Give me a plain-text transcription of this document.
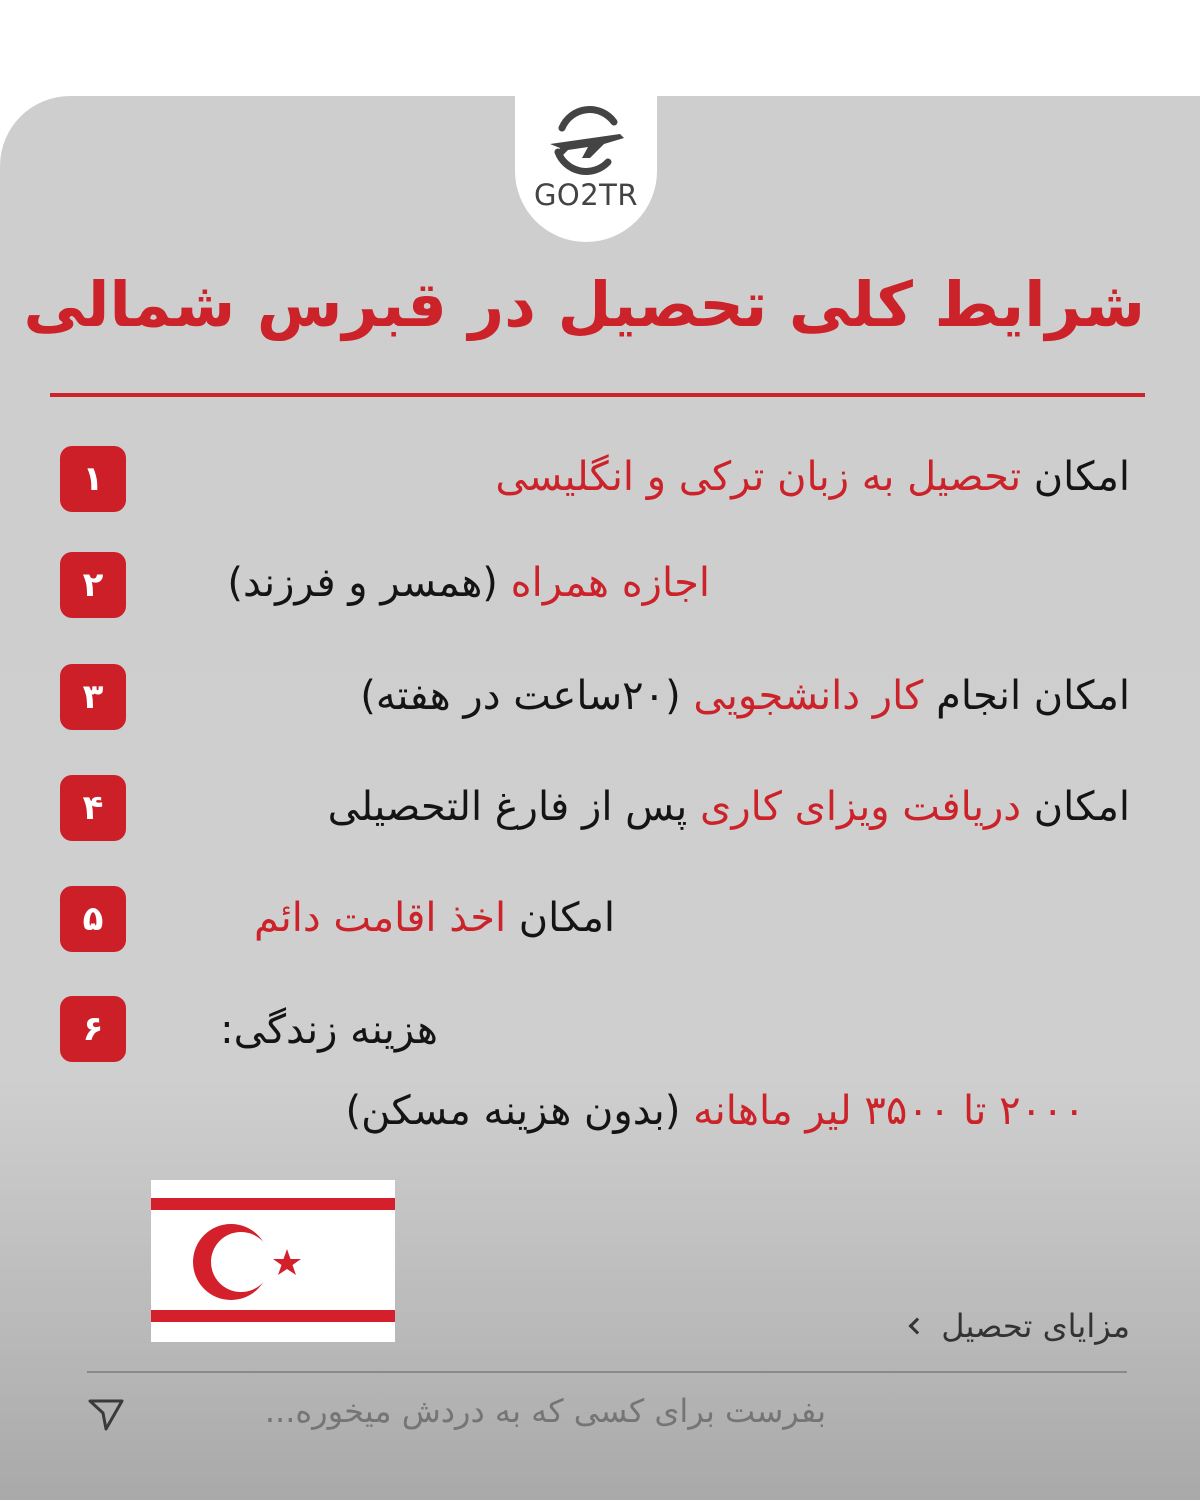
GO2TR
شرایط کلی تحصیل در قبرس شمالی
۱	امکان تحصیل به زبان ترکی و انگلیسی
۲	اجازه همراه (همسر و فرزند)
۳	امکان انجام کار دانشجویی (۲۰ساعت در هفته)
۴	امکان دریافت ویزای کاری پس از فارغ التحصیلی
۵	امکان اخذ اقامت دائم
۶	هزینه زندگی:
۲۰۰۰ تا ۳۵۰۰ لیر ماهانه (بدون هزینه مسکن)
مزایای تحصیل
بفرست برای کسی که به دردش میخوره...
